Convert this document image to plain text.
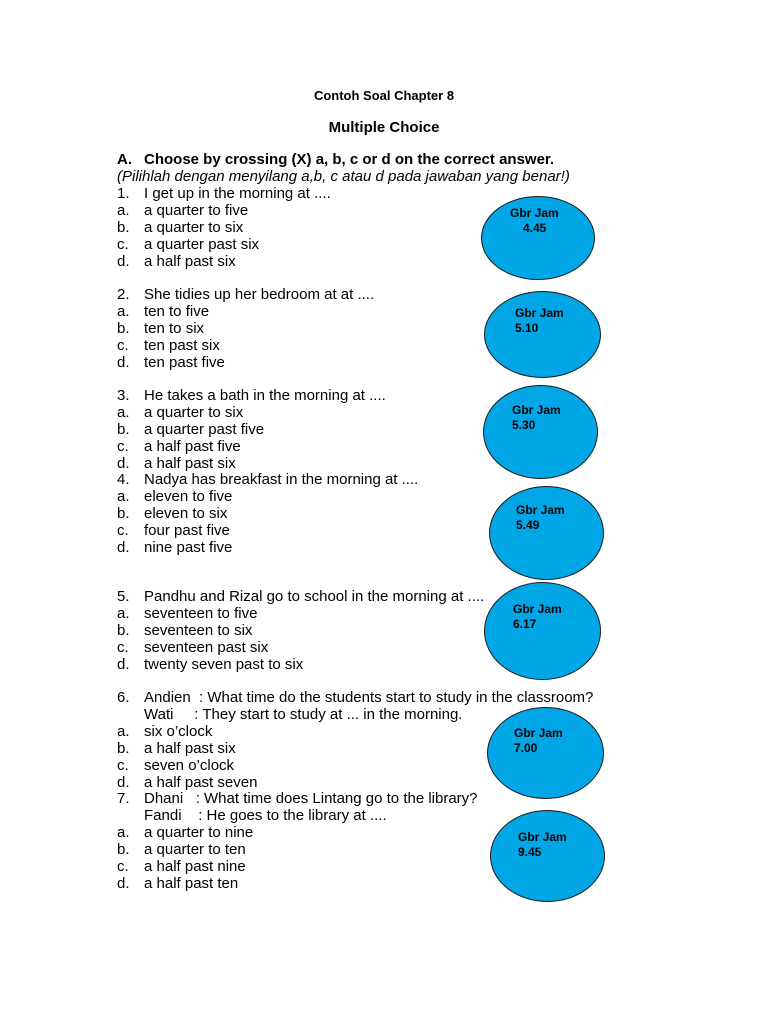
Contoh Soal Chapter 8
Multiple Choice
A. Choose by crossing (X) a, b, c or d on the correct answer.
(Pilihlah dengan menyilang a,b, c atau d pada jawaban yang benar!)
1. I get up in the morning at ....
a. a quarter to five
b. a quarter to six
c. a quarter past six
d. a half past six
Gbr Jam
4.45
2. She tidies up her bedroom at at ....
a. ten to five
b. ten to six
c. ten past six
d. ten past five
Gbr Jam
5.10
3. He takes a bath in the morning at ....
a. a quarter to six
b. a quarter past five
c. a half past five
d. a half past six
Gbr Jam
5.30
4. Nadya has breakfast in the morning at ....
a. eleven to five
b. eleven to six
c. four past five
d. nine past five
Gbr Jam
5.49
5. Pandhu and Rizal go to school in the morning at ....
a. seventeen to five
b. seventeen to six
c. seventeen past six
d. twenty seven past to six
Gbr Jam
6.17
6. Andien  : What time do the students start to study in the classroom?
Wati     : They start to study at ... in the morning.
a. six o’clock
b. a half past six
c. seven o’clock
d. a half past seven
Gbr Jam
7.00
7. Dhani   : What time does Lintang go to the library?
Fandi    : He goes to the library at ....
a. a quarter to nine
b. a quarter to ten
c. a half past nine
d. a half past ten
Gbr Jam
9.45
